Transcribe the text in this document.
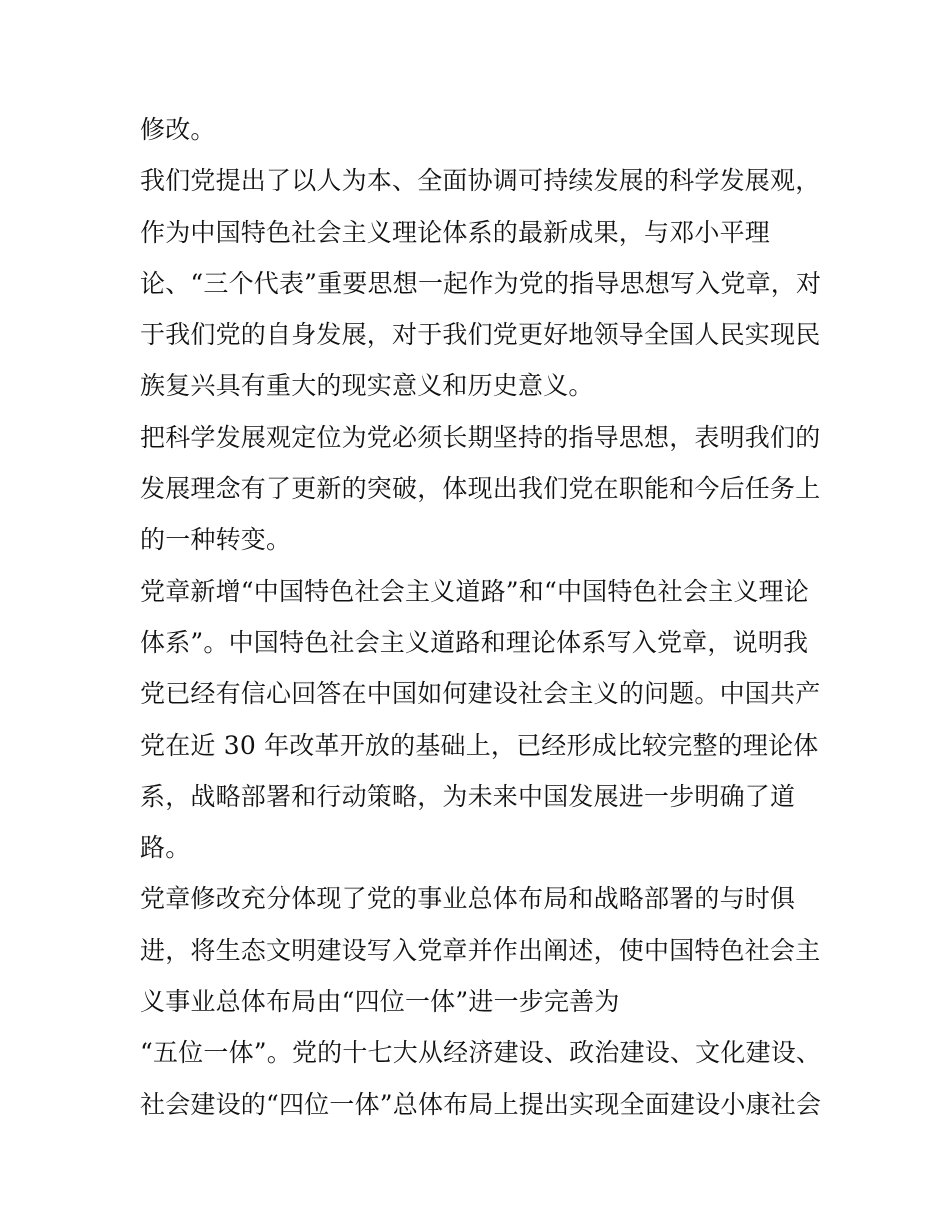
修改。
我们党提出了以人为本、全面协调可持续发展的科学发展观，
作为中国特色社会主义理论体系的最新成果，与邓小平理
论、“三个代表”重要思想一起作为党的指导思想写入党章，对
于我们党的自身发展，对于我们党更好地领导全国人民实现民
族复兴具有重大的现实意义和历史意义。
把科学发展观定位为党必须长期坚持的指导思想，表明我们的
发展理念有了更新的突破，体现出我们党在职能和今后任务上
的一种转变。
党章新增“中国特色社会主义道路”和“中国特色社会主义理论
体系”。中国特色社会主义道路和理论体系写入党章，说明我
党已经有信心回答在中国如何建设社会主义的问题。中国共产
党在近 30 年改革开放的基础上，已经形成比较完整的理论体
系，战略部署和行动策略，为未来中国发展进一步明确了道
路。
党章修改充分体现了党的事业总体布局和战略部署的与时俱
进，将生态文明建设写入党章并作出阐述，使中国特色社会主
义事业总体布局由“四位一体”进一步完善为
“五位一体”。党的十七大从经济建设、政治建设、文化建设、
社会建设的“四位一体”总体布局上提出实现全面建设小康社会
